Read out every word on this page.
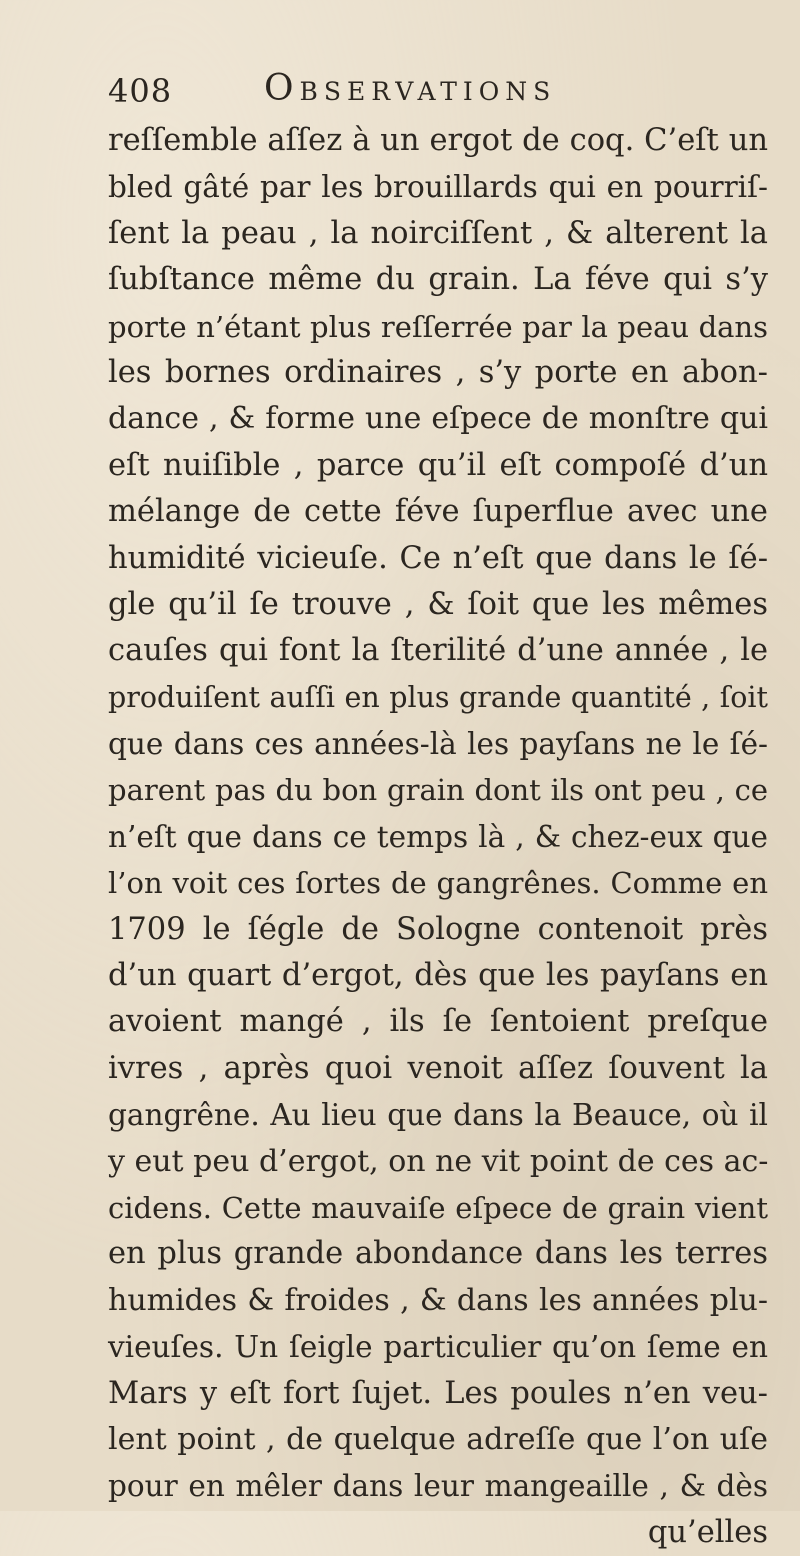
408	Observations
reſſemble aſſez à un ergot de coq. C’eſt un
bled gâté par les brouillards qui en pourriſ-
ſent la peau , la noirciſſent , & alterent la
ſubſtance même du grain. La féve qui s’y
porte n’étant plus reſſerrée par la peau dans
les bornes ordinaires , s’y porte en abon-
dance , & forme une eſpece de monſtre qui
eſt nuiſible , parce qu’il eſt compoſé d’un
mélange de cette féve ſuperflue avec une
humidité vicieuſe. Ce n’eſt que dans le ſé-
gle qu’il ſe trouve , & ſoit que les mêmes
cauſes qui font la ſterilité d’une année , le
produiſent auſſi en plus grande quantité , ſoit
que dans ces années-là les payſans ne le ſé-
parent pas du bon grain dont ils ont peu , ce
n’eſt que dans ce temps là , & chez-eux que
l’on voit ces ſortes de gangrênes. Comme en
1709 le ſégle de Sologne contenoit près
d’un quart d’ergot, dès que les payſans en
avoient mangé , ils ſe ſentoient preſque
ivres , après quoi venoit aſſez ſouvent la
gangrêne. Au lieu que dans la Beauce, où il
y eut peu d’ergot, on ne vit point de ces ac-
cidens. Cette mauvaiſe eſpece de grain vient
en plus grande abondance dans les terres
humides & froides , & dans les années plu-
vieuſes. Un ſeigle particulier qu’on ſeme en
Mars y eſt fort ſujet. Les poules n’en veu-
lent point , de quelque adreſſe que l’on uſe
pour en mêler dans leur mangeaille , & dès
qu’elles
